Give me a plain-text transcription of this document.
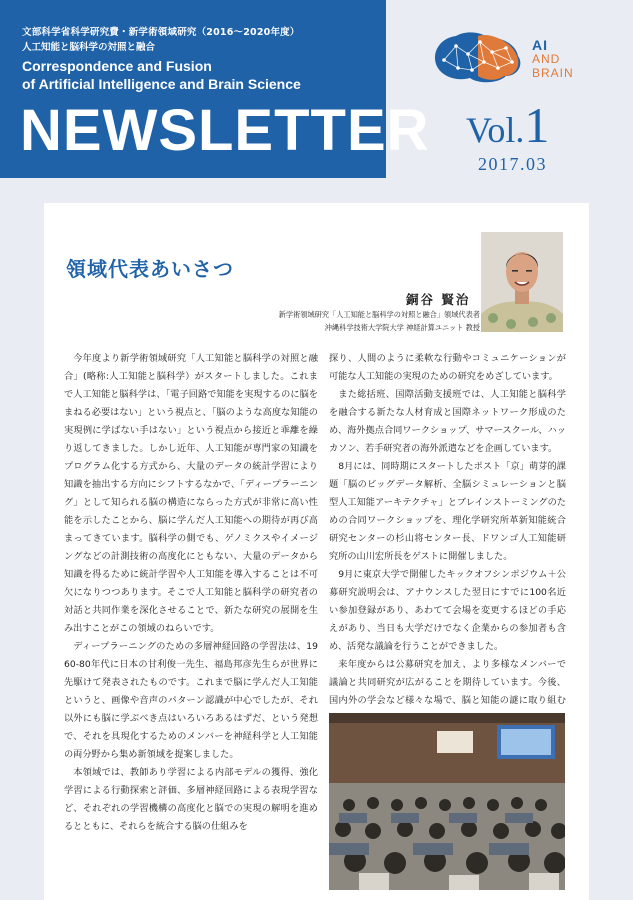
文部科学省科学研究費・新学術領域研究（2016～2020年度）
人工知能と脳科学の対照と融合
Correspondence and Fusion
of Artificial Intelligence and Brain Science
NEWSLETTER
AI
AND
BRAIN
Vol.1
2017.03
領域代表あいさつ
銅谷 賢治
新学術領域研究「人工知能と脳科学の対照と融合」領域代表者
沖縄科学技術大学院大学 神経計算ユニット 教授

今年度より新学術領域研究「人工知能と脳科学の対照と融合」(略称:人工知能と脳科学）がスタートしました。これまで人工知能と脳科学は、「電子回路で知能を実現するのに脳をまねる必要はない」という視点と、「脳のような高度な知能の実現例に学ばない手はない」という視点から接近と乖離を繰り返してきました。しかし近年、人工知能が専門家の知識をプログラム化する方式から、大量のデータの統計学習により知識を抽出する方向にシフトするなかで、「ディープラーニング」として知られる脳の構造にならった方式が非常に高い性能を示したことから、脳に学んだ人工知能への期待が再び高まってきています。脳科学の側でも、ゲノミクスやイメージングなどの計測技術の高度化にともない、大量のデータから知識を得るために統計学習や人工知能を導入することは不可欠になりつつあります。そこで人工知能と脳科学の研究者の対話と共同作業を深化させることで、新たな研究の展開を生み出すことがこの領域のねらいです。

ディープラーニングのための多層神経回路の学習法は、1960-80年代に日本の甘利俊一先生、福島邦彦先生らが世界に先駆けて発表されたものです。これまで脳に学んだ人工知能というと、画像や音声のパターン認識が中心でしたが、それ以外にも脳に学ぶべき点はいろいろあるはずだ、という発想で、それを具現化するためのメンバーを神経科学と人工知能の両分野から集め新領域を提案しました。

本領域では、教師あり学習による内部モデルの獲得、強化学習による行動探索と評価、多層神経回路による表現学習など、それぞれの学習機構の高度化と脳での実現の解明を進めるとともに、それらを統合する脳の仕組みを

探り、人間のように柔軟な行動やコミュニケーションが可能な人工知能の実現のための研究をめざしています。

また総括班、国際活動支援班では、人工知能と脳科学を融合する新たな人材育成と国際ネットワーク形成のため、海外拠点合同ワークショップ、サマースクール、ハッカソン、若手研究者の海外派遣などを企画しています。

8月には、同時期にスタートしたポスト「京」萌芽的課題「脳のビッグデータ解析、全脳シミュレーションと脳型人工知能アーキテクチャ」とブレインストーミングのための合同ワークショップを、理化学研究所革新知能統合研究センターの杉山将センター長、ドワンゴ人工知能研究所の山川宏所長をゲストに開催しました。

9月に東京大学で開催したキックオフシンポジウム＋公募研究説明会は、アナウンスした翌日にすでに100名近い参加登録があり、あわてて会場を変更するほどの手応えがあり、当日も大学だけでなく企業からの参加者も含め、活発な議論を行うことができました。

来年度からは公募研究を加え、より多様なメンバーで議論と共同研究が広がることを期待しています。今後、国内外の学会など様々な場で、脳と知能の謎に取り組む
